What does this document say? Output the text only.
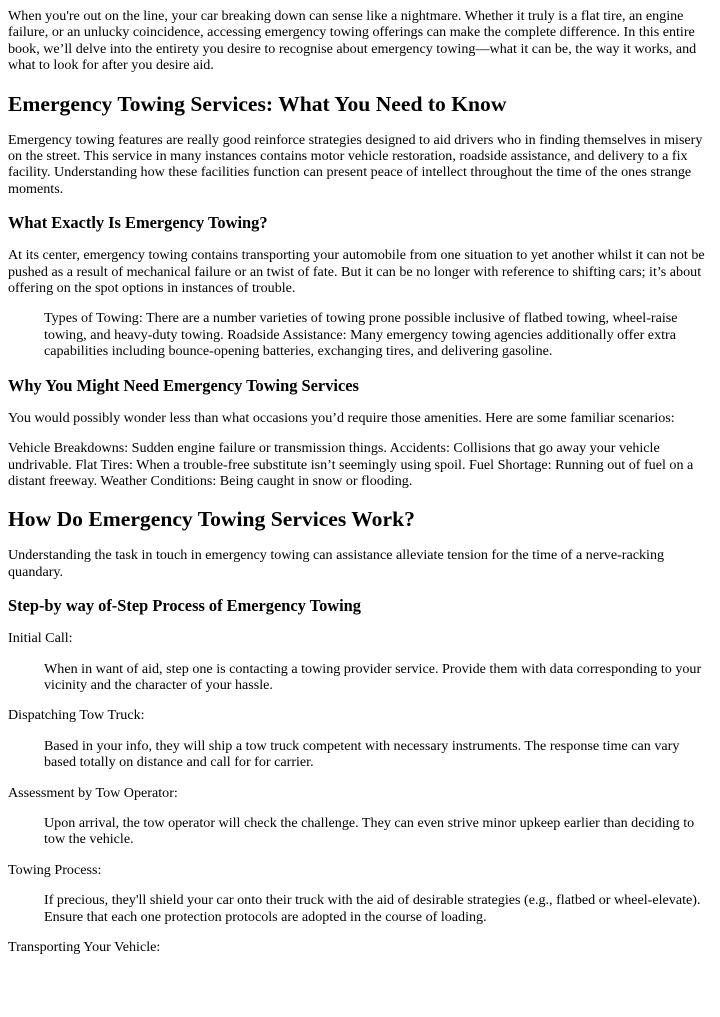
When you're out on the line, your car breaking down can sense like a nightmare. Whether it truly is a flat tire, an engine failure, or an unlucky coincidence, accessing emergency towing offerings can make the complete difference. In this entire book, we’ll delve into the entirety you desire to recognise about emergency towing—what it can be, the way it works, and what to look for after you desire aid.

Emergency Towing Services: What You Need to Know

Emergency towing features are really good reinforce strategies designed to aid drivers who in finding themselves in misery on the street. This service in many instances contains motor vehicle restoration, roadside assistance, and delivery to a fix facility. Understanding how these facilities function can present peace of intellect throughout the time of the ones strange moments.

What Exactly Is Emergency Towing?

At its center, emergency towing contains transporting your automobile from one situation to yet another whilst it can not be pushed as a result of mechanical failure or an twist of fate. But it can be no longer with reference to shifting cars; it’s about offering on the spot options in instances of trouble.

Types of Towing: There are a number varieties of towing prone possible inclusive of flatbed towing, wheel-raise towing, and heavy-duty towing. Roadside Assistance: Many emergency towing agencies additionally offer extra capabilities including bounce-opening batteries, exchanging tires, and delivering gasoline.

Why You Might Need Emergency Towing Services

You would possibly wonder less than what occasions you’d require those amenities. Here are some familiar scenarios:

Vehicle Breakdowns: Sudden engine failure or transmission things. Accidents: Collisions that go away your vehicle undrivable. Flat Tires: When a trouble-free substitute isn’t seemingly using spoil. Fuel Shortage: Running out of fuel on a distant freeway. Weather Conditions: Being caught in snow or flooding.

How Do Emergency Towing Services Work?

Understanding the task in touch in emergency towing can assistance alleviate tension for the time of a nerve-racking quandary.

Step-by way of-Step Process of Emergency Towing

Initial Call:

When in want of aid, step one is contacting a towing provider service. Provide them with data corresponding to your vicinity and the character of your hassle.

Dispatching Tow Truck:

Based in your info, they will ship a tow truck competent with necessary instruments. The response time can vary based totally on distance and call for for carrier.

Assessment by Tow Operator:

Upon arrival, the tow operator will check the challenge. They can even strive minor upkeep earlier than deciding to tow the vehicle.

Towing Process:

If precious, they'll shield your car onto their truck with the aid of desirable strategies (e.g., flatbed or wheel-elevate). Ensure that each one protection protocols are adopted in the course of loading.

Transporting Your Vehicle:
